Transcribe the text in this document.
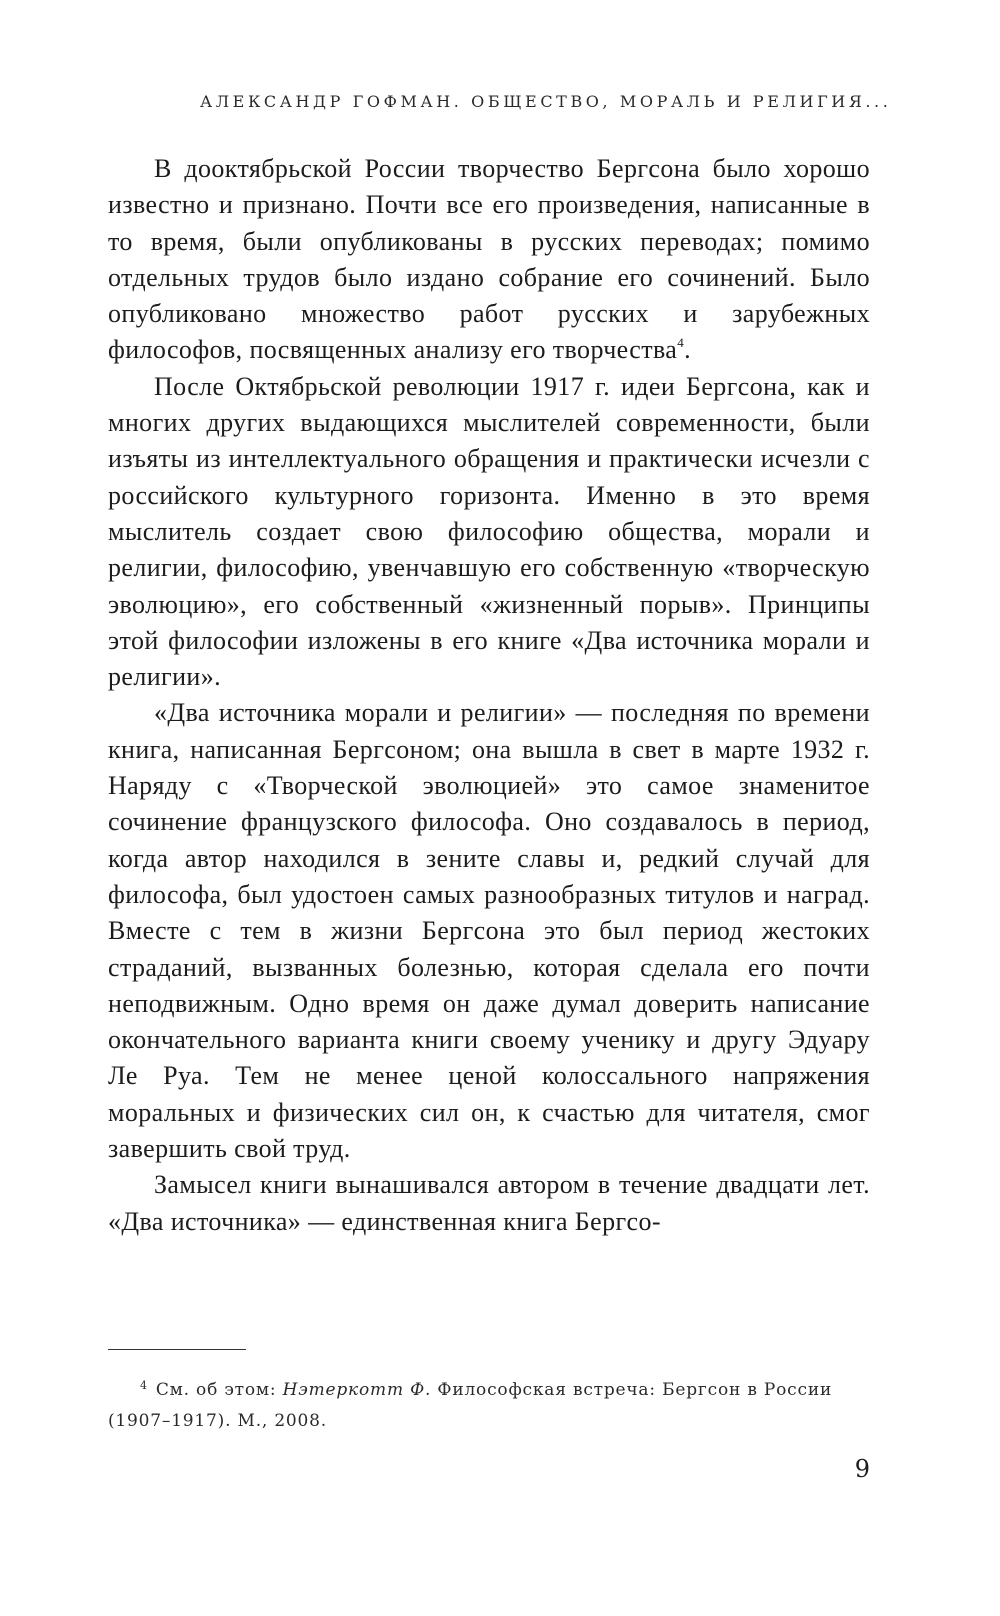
АЛЕКСАНДР ГОФМАН. ОБЩЕСТВО, МОРАЛЬ И РЕЛИГИЯ...

В доoктябрьской России творчество Бергсона было хорошо известно и признано. Почти все его произведения, написанные в то время, были опубликованы в русских переводах; помимо отдельных трудов было издано собрание его сочинений. Было опубликовано множество работ русских и зарубежных философов, посвященных анализу его творчества$^4$.

После Октябрьской революции 1917 г. идеи Бергсона, как и многих других выдающихся мыслителей современности, были изъяты из интеллектуального обращения и практически исчезли с российского культурного горизонта. Именно в это время мыслитель создает свою философию общества, морали и религии, философию, увенчавшую его собственную «творческую эволюцию», его собственный «жизненный порыв». Принципы этой философии изложены в его книге «Два источника морали и религии».

«Два источника морали и религии» — последняя по времени книга, написанная Бергсоном; она вышла в свет в марте 1932 г. Наряду с «Творческой эволюцией» это самое знаменитое сочинение французского философа. Оно создавалось в период, когда автор находился в зените славы и, редкий случай для философа, был удостоен самых разнообразных титулов и наград. Вместе с тем в жизни Бергсона это был период жестоких страданий, вызванных болезнью, которая сделала его почти неподвижным. Одно время он даже думал доверить написание окончательного варианта книги своему ученику и другу Эдуару Ле Руа. Тем не менее ценой колоссального напряжения моральных и физических сил он, к счастью для читателя, смог завершить свой труд.

Замысел книги вынашивался автором в течение двадцати лет. «Два источника» — единственная книга Бергсо-

$^4$ См. об этом: Нэтеркотт Ф. Философская встреча: Бергсон в России (1907–1917). М., 2008.
9
